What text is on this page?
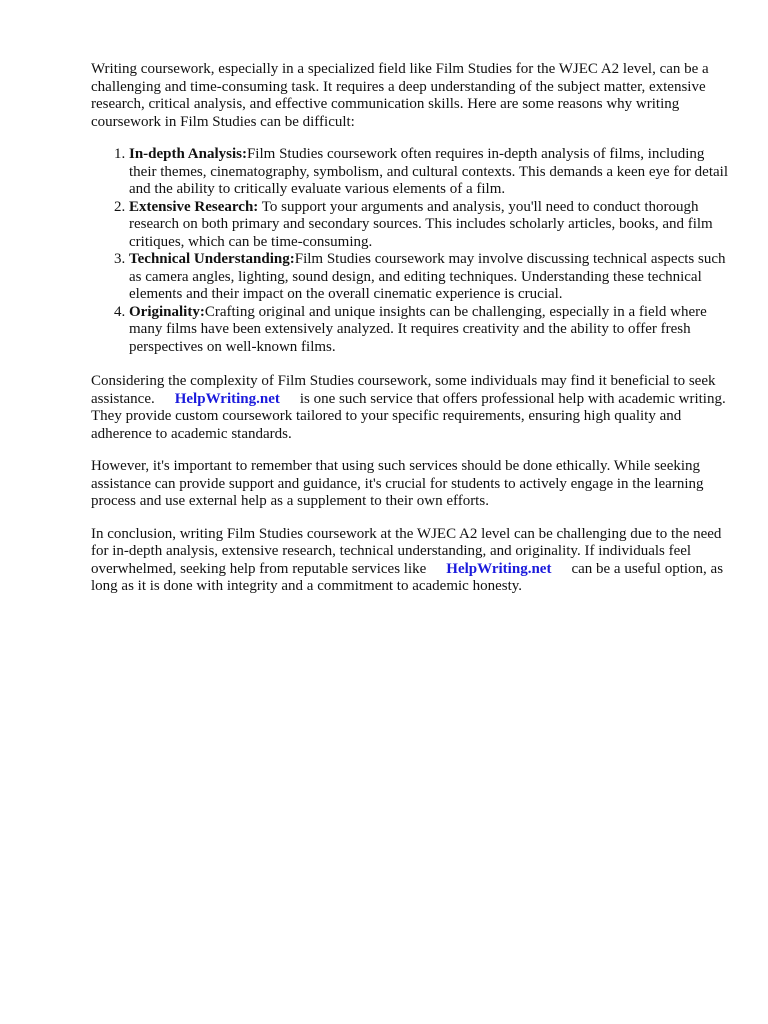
Writing coursework, especially in a specialized field like Film Studies for the WJEC A2 level, can be a challenging and time-consuming task. It requires a deep understanding of the subject matter, extensive research, critical analysis, and effective communication skills. Here are some reasons why writing coursework in Film Studies can be difficult:

1. In-depth Analysis:Film Studies coursework often requires in-depth analysis of films, including their themes, cinematography, symbolism, and cultural contexts. This demands a keen eye for detail and the ability to critically evaluate various elements of a film.
2. Extensive Research: To support your arguments and analysis, you'll need to conduct thorough research on both primary and secondary sources. This includes scholarly articles, books, and film critiques, which can be time-consuming.
3. Technical Understanding:Film Studies coursework may involve discussing technical aspects such as camera angles, lighting, sound design, and editing techniques. Understanding these technical elements and their impact on the overall cinematic experience is crucial.
4. Originality:Crafting original and unique insights can be challenging, especially in a field where many films have been extensively analyzed. It requires creativity and the ability to offer fresh perspectives on well-known films.

Considering the complexity of Film Studies coursework, some individuals may find it beneficial to seek assistance. HelpWriting.net is one such service that offers professional help with academic writing. They provide custom coursework tailored to your specific requirements, ensuring high quality and adherence to academic standards.

However, it's important to remember that using such services should be done ethically. While seeking assistance can provide support and guidance, it's crucial for students to actively engage in the learning process and use external help as a supplement to their own efforts.

In conclusion, writing Film Studies coursework at the WJEC A2 level can be challenging due to the need for in-depth analysis, extensive research, technical understanding, and originality. If individuals feel overwhelmed, seeking help from reputable services like HelpWriting.net can be a useful option, as long as it is done with integrity and a commitment to academic honesty.
